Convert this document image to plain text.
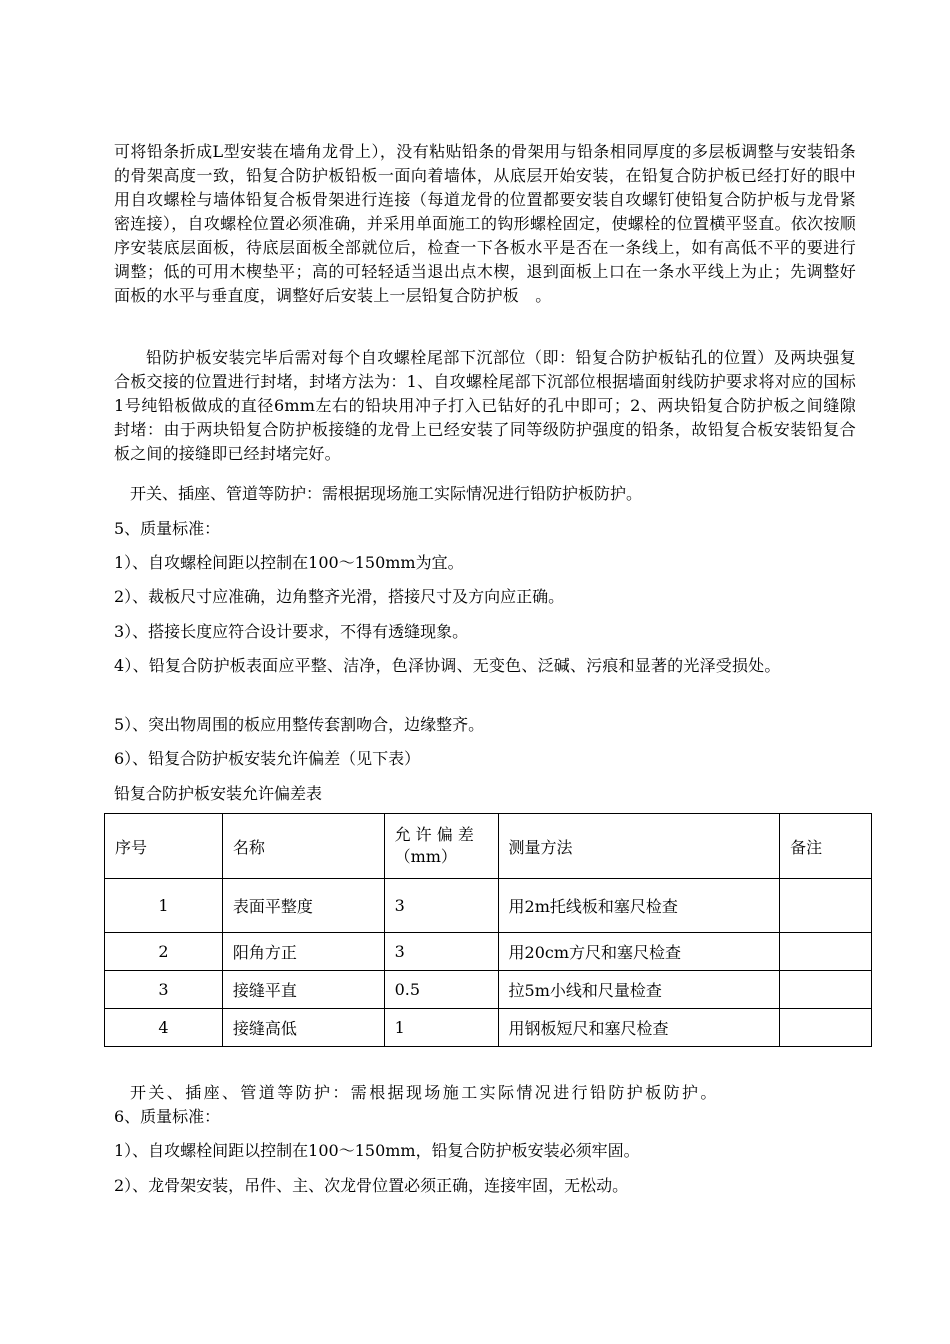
可将铅条折成L型安装在墙角龙骨上），没有粘贴铅条的骨架用与铅条相同厚度的多层板调整与安装铅条的骨架高度一致，铅复合防护板铅板一面向着墙体，从底层开始安装，在铅复合防护板已经打好的眼中用自攻螺栓与墙体铅复合板骨架进行连接（每道龙骨的位置都要安装自攻螺钉使铅复合防护板与龙骨紧密连接），自攻螺栓位置必须准确，并采用单面施工的钩形螺栓固定，使螺栓的位置横平竖直。依次按顺序安装底层面板，待底层面板全部就位后，检查一下各板水平是否在一条线上，如有高低不平的要进行调整；低的可用木楔垫平；高的可轻轻适当退出点木楔，退到面板上口在一条水平线上为止；先调整好面板的水平与垂直度，调整好后安装上一层铅复合防护板　。

铅防护板安装完毕后需对每个自攻螺栓尾部下沉部位（即：铅复合防护板钻孔的位置）及两块强复合板交接的位置进行封堵，封堵方法为：1、自攻螺栓尾部下沉部位根据墙面射线防护要求将对应的国标1号纯铅板做成的直径6mm左右的铅块用冲子打入已钻好的孔中即可；2、两块铅复合防护板之间缝隙封堵：由于两块铅复合防护板接缝的龙骨上已经安装了同等级防护强度的铅条，故铅复合板安装铅复合板之间的接缝即已经封堵完好。

开关、插座、管道等防护：需根据现场施工实际情况进行铅防护板防护。

5、质量标准：

1）、自攻螺栓间距以控制在100～150mm为宜。

2）、裁板尺寸应准确，边角整齐光滑，搭接尺寸及方向应正确。

3）、搭接长度应符合设计要求，不得有透缝现象。

4）、铅复合防护板表面应平整、洁净，色泽协调、无变色、泛碱、污痕和显著的光泽受损处。

5）、突出物周围的板应用整传套割吻合，边缘整齐。

6）、铅复合防护板安装允许偏差（见下表）

铅复合防护板安装允许偏差表

序号	名称	允 许 偏 差（mm）	测量方法	备注
1	表面平整度	3	用2m托线板和塞尺检查	
2	阳角方正	3	用20cm方尺和塞尺检查	
3	接缝平直	0.5	拉5m小线和尺量检查	
4	接缝高低	1	用钢板短尺和塞尺检查	

开关、插座、管道等防护：需根据现场施工实际情况进行铅防护板防护。

6、质量标准：

1）、自攻螺栓间距以控制在100～150mm，铅复合防护板安装必须牢固。

2）、龙骨架安装，吊件、主、次龙骨位置必须正确，连接牢固，无松动。
